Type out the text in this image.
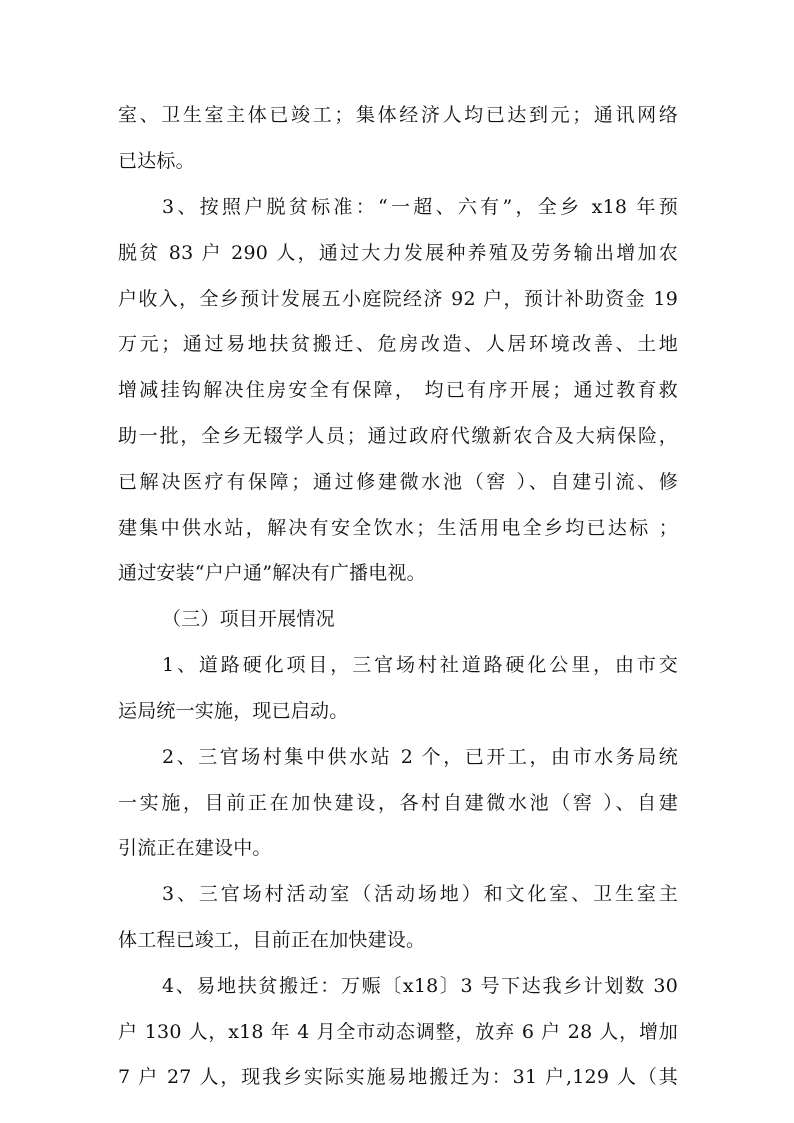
室、卫生室主体已竣工；集体经济人均已达到元；通讯网络
已达标。
3、按照户脱贫标准：“一超、六有”，全乡 x18 年预
脱贫 83 户 290 人，通过大力发展种养殖及劳务输出增加农
户收入，全乡预计发展五小庭院经济 92 户，预计补助资金 19
万元；通过易地扶贫搬迁、危房改造、人居环境改善、土地
增减挂钩解决住房安全有保障， 均已有序开展；通过教育救
助一批，全乡无辍学人员；通过政府代缴新农合及大病保险，
已解决医疗有保障；通过修建微水池（窖 ）、自建引流、修
建集中供水站，解决有安全饮水；生活用电全乡均已达标 ；
通过安装“户户通”解决有广播电视。
（三）项目开展情况
1、道路硬化项目，三官场村社道路硬化公里，由市交
运局统一实施，现已启动。
2、三官场村集中供水站 2 个，已开工，由市水务局统
一实施，目前正在加快建设，各村自建微水池（窖 ）、自建
引流正在建设中。
3、三官场村活动室（活动场地）和文化室、卫生室主
体工程已竣工，目前正在加快建设。
4、易地扶贫搬迁：万赈〔x18〕3 号下达我乡计划数 30
户 130 人，x18 年 4 月全市动态调整，放弃 6 户 28 人，增加
7 户 27 人，现我乡实际实施易地搬迁为：31 户,129 人（其
